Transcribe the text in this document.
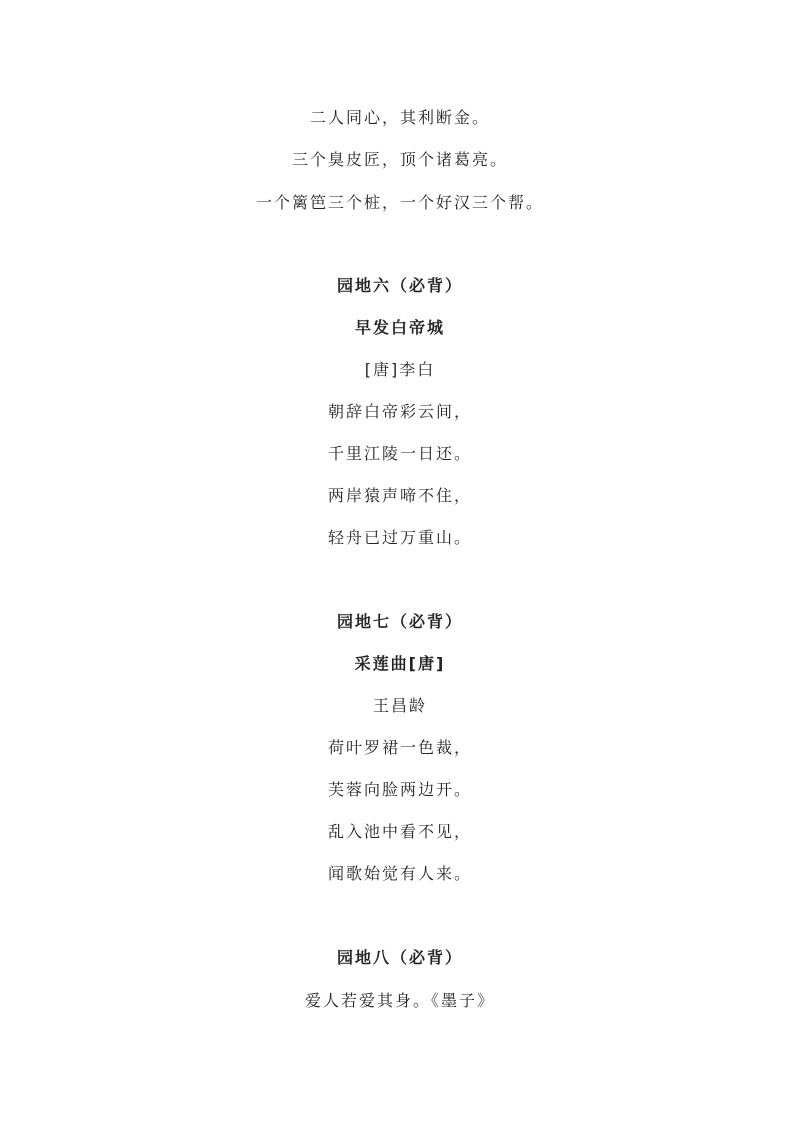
二人同心，其利断金。
三个臭皮匠，顶个诸葛亮。
一个篱笆三个桩，一个好汉三个帮。
园地六（必背）
早发白帝城
[唐]李白
朝辞白帝彩云间，
千里江陵一日还。
两岸猿声啼不住，
轻舟已过万重山。
园地七（必背）
采莲曲[唐]
王昌龄
荷叶罗裙一色裁，
芙蓉向脸两边开。
乱入池中看不见，
闻歌始觉有人来。
园地八（必背）
爱人若爱其身。《墨子》
